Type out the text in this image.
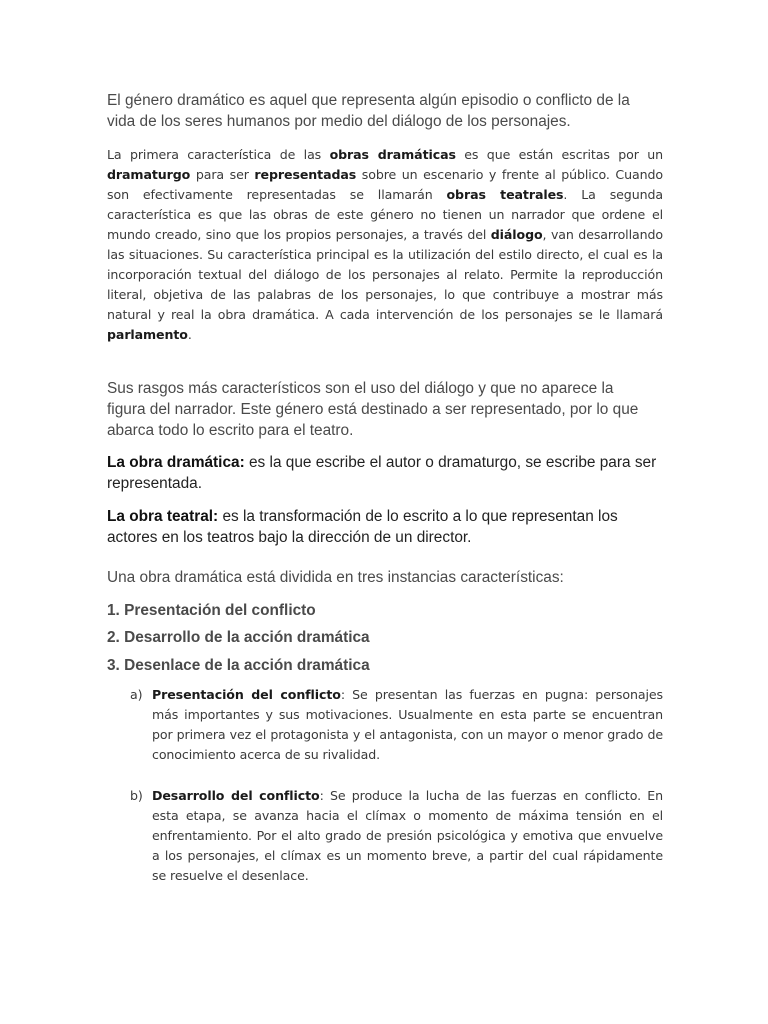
El género dramático es aquel que representa algún episodio o conflicto de la vida de los seres humanos por medio del diálogo de los personajes.

La primera característica de las obras dramáticas es que están escritas por un dramaturgo para ser representadas sobre un escenario y frente al público. Cuando son efectivamente representadas se llamarán obras teatrales. La segunda característica es que las obras de este género no tienen un narrador que ordene el mundo creado, sino que los propios personajes, a través del diálogo, van desarrollando las situaciones. Su característica principal es la utilización del estilo directo, el cual es la incorporación textual del diálogo de los personajes al relato. Permite la reproducción literal, objetiva de las palabras de los personajes, lo que contribuye a mostrar más natural y real la obra dramática. A cada intervención de los personajes se le llamará parlamento.

Sus rasgos más característicos son el uso del diálogo y que no aparece la figura del narrador. Este género está destinado a ser representado, por lo que abarca todo lo escrito para el teatro.

La obra dramática: es la que escribe el autor o dramaturgo, se escribe para ser representada.

La obra teatral: es la transformación de lo escrito a lo que representan los actores en los teatros bajo la dirección de un director.

Una obra dramática está dividida en tres instancias características:

1. Presentación del conflicto
2. Desarrollo de la acción dramática
3. Desenlace de la acción dramática
a) Presentación del conflicto: Se presentan las fuerzas en pugna: personajes más importantes y sus motivaciones. Usualmente en esta parte se encuentran por primera vez el protagonista y el antagonista, con un mayor o menor grado de conocimiento acerca de su rivalidad.
b) Desarrollo del conflicto: Se produce la lucha de las fuerzas en conflicto. En esta etapa, se avanza hacia el clímax o momento de máxima tensión en el enfrentamiento. Por el alto grado de presión psicológica y emotiva que envuelve a los personajes, el clímax es un momento breve, a partir del cual rápidamente se resuelve el desenlace.
